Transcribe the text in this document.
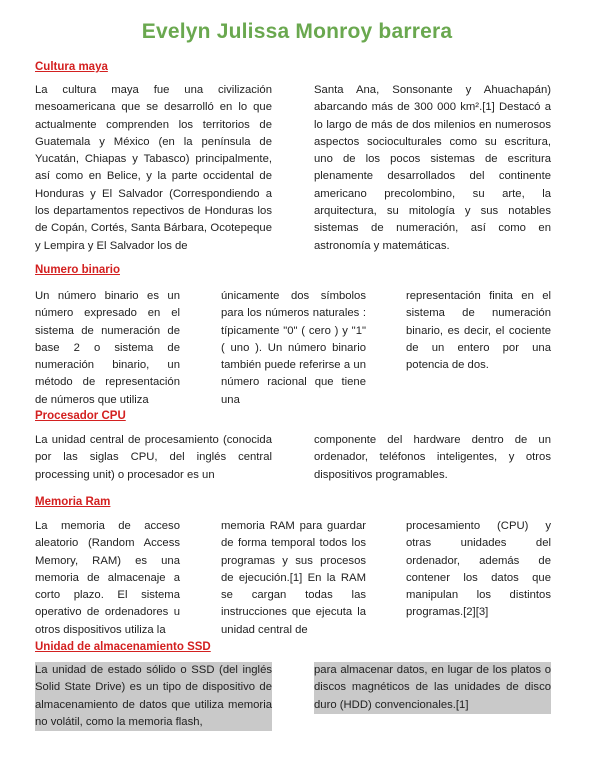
Evelyn Julissa Monroy barrera
Cultura maya

La cultura maya fue una civilización mesoamericana que se desarrolló en lo que actualmente comprenden los territorios de Guatemala y México (en la península de Yucatán, Chiapas y Tabasco) principalmente, así como en Belice, y la parte occidental de Honduras y El Salvador (Correspondiendo a los departamentos repectivos de Honduras los de Copán, Cortés, Santa Bárbara, Ocotepeque y Lempira y El Salvador los de

Santa Ana, Sonsonante y Ahuachapán) abarcando más de 300 000 km².[1] Destacó a lo largo de más de dos milenios en numerosos aspectos socioculturales como su escritura, uno de los pocos sistemas de escritura plenamente desarrollados del continente americano precolombino, su arte, la arquitectura, su mitología y sus notables sistemas de numeración, así como en astronomía y matemáticas.

Numero binario

Un número binario es un número expresado en el sistema de numeración de base 2 o sistema de numeración binario, un método de representación de números que utiliza

únicamente dos símbolos para los números naturales : típicamente "0" ( cero ) y "1" ( uno ). Un número binario también puede referirse a un número racional que tiene una

representación finita en el sistema de numeración binario, es decir, el cociente de un entero por una potencia de dos.

Procesador CPU

La unidad central de procesamiento (conocida por las siglas CPU, del inglés central processing unit) o procesador es un

componente del hardware dentro de un ordenador, teléfonos inteligentes, y otros dispositivos programables.

Memoria Ram

La memoria de acceso aleatorio (Random Access Memory, RAM) es una memoria de almacenaje a corto plazo. El sistema operativo de ordenadores u otros dispositivos utiliza la

memoria RAM para guardar de forma temporal todos los programas y sus procesos de ejecución.[1] En la RAM se cargan todas las instrucciones que ejecuta la unidad central de

procesamiento (CPU) y otras unidades del ordenador, además de contener los datos que manipulan los distintos programas.[2][3]

Unidad de almacenamiento SSD

La unidad de estado sólido o SSD (del inglés Solid State Drive) es un tipo de dispositivo de almacenamiento de datos que utiliza memoria no volátil, como la memoria flash,

para almacenar datos, en lugar de los platos o discos magnéticos de las unidades de disco duro (HDD) convencionales.[1]
